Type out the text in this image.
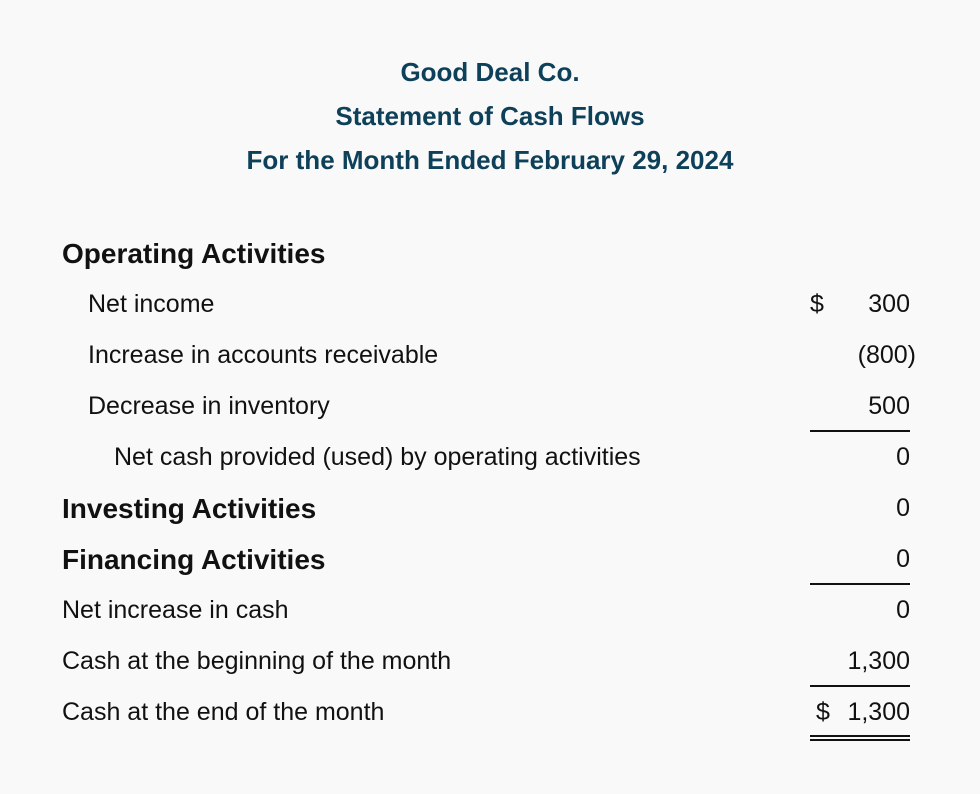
Good Deal Co.
Statement of Cash Flows
For the Month Ended February 29, 2024
Operating Activities
Net income	$ 300
Increase in accounts receivable	(800)
Decrease in inventory	500
Net cash provided (used) by operating activities	0
Investing Activities	0
Financing Activities	0
Net increase in cash	0
Cash at the beginning of the month	1,300
Cash at the end of the month	$ 1,300
